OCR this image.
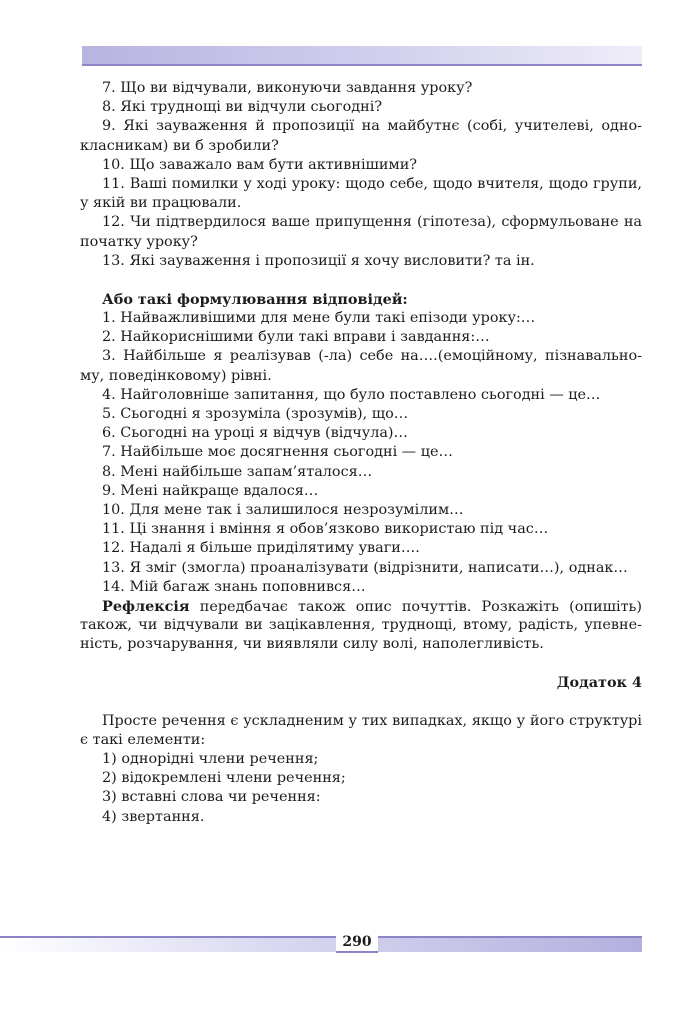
7. Що ви відчували, виконуючи завдання уроку?
8. Які труднощі ви відчули сьогодні?
9. Які зауваження й пропозиції на майбутнє (собі, учителеві, одно-
класникам) ви б зробили?
10. Що заважало вам бути активнішими?
11. Ваші помилки у ході уроку: щодо себе, щодо вчителя, щодо групи,
у якій ви працювали.
12. Чи підтвердилося ваше припущення (гіпотеза), сформульоване на
початку уроку?
13. Які зауваження і пропозиції я хочу висловити? та ін.
Або такі формулювання відповідей:
1. Найважливішими для мене були такі епізоди уроку:…
2. Найкориснішими були такі вправи і завдання:…
3. Найбільше я реалізував (-ла) себе на….(емоційному, пізнавально-
му, поведінковому) рівні.
4. Найголовніше запитання, що було поставлено сьогодні — це…
5. Сьогодні я зрозуміла (зрозумів), що…
6. Сьогодні на уроці я відчув (відчула)…
7. Найбільше моє досягнення сьогодні — це…
8. Мені найбільше запам’яталося…
9. Мені найкраще вдалося…
10. Для мене так і залишилося незрозумілим…
11. Ці знання і вміння я обов’язково використаю під час…
12. Надалі я більше приділятиму уваги….
13. Я зміг (змогла) проаналізувати (відрізнити, написати…), однак…
14. Мій багаж знань поповнився…
Рефлексія передбачає також опис почуттів. Розкажіть (опишіть)
також, чи відчували ви зацікавлення, труднощі, втому, радість, упевне-
ність, розчарування, чи виявляли силу волі, наполегливість.
Додаток 4
Просте речення є ускладненим у тих випадках, якщо у його структурі
є такі елементи:
1) однорідні члени речення;
2) відокремлені члени речення;
3) вставні слова чи речення:
4) звертання.
290
